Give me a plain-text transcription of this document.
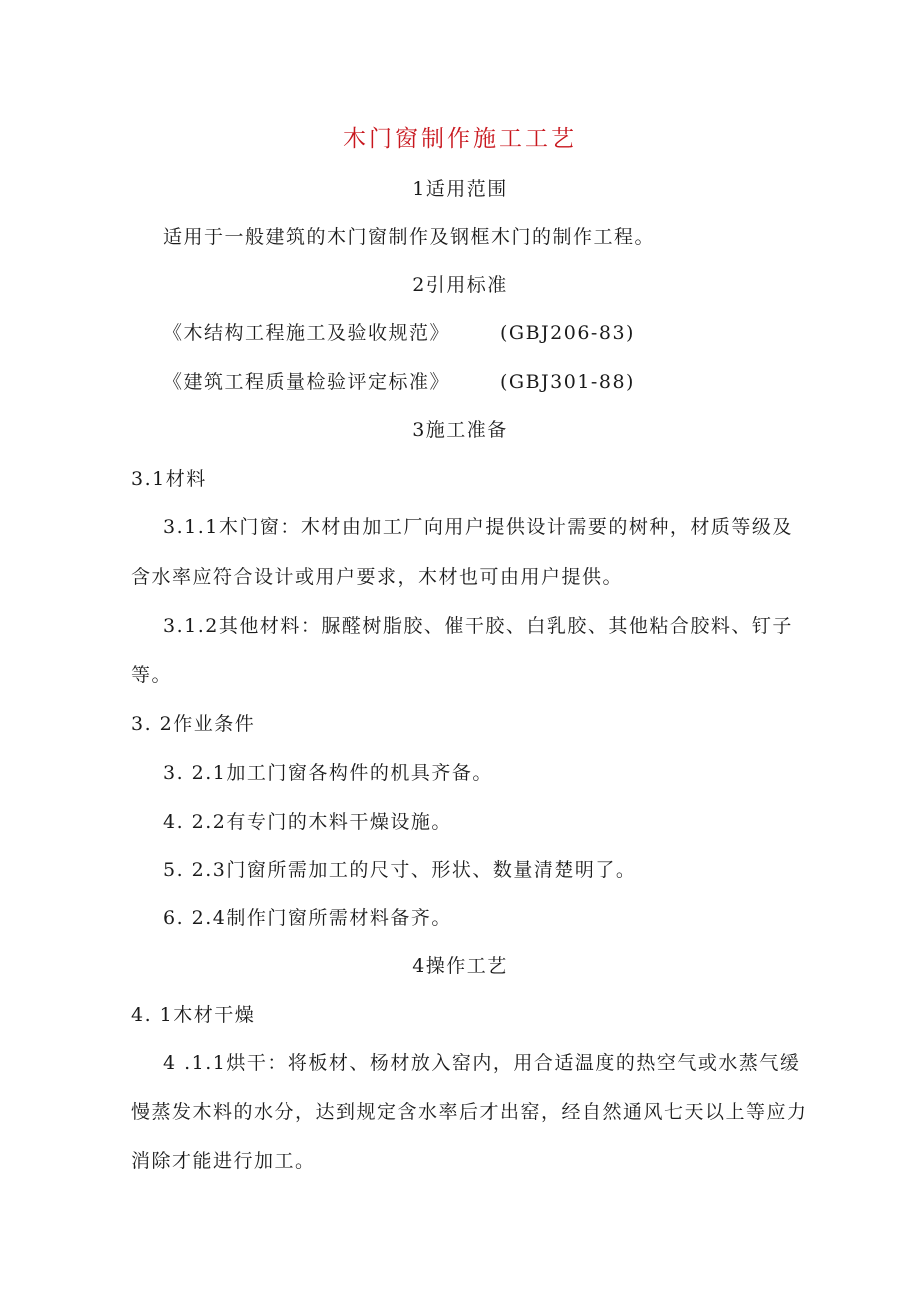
木门窗制作施工工艺
1适用范围
适用于一般建筑的木门窗制作及钢框木门的制作工程。
2引用标准
《木结构工程施工及验收规范》	(GBJ206-83)
《建筑工程质量检验评定标准》	(GBJ301-88)
3施工准备
3.1材料
3.1.1木门窗：木材由加工厂向用户提供设计需要的树种，材质等级及
含水率应符合设计或用户要求，木材也可由用户提供。
3.1.2其他材料：脲醛树脂胶、催干胶、白乳胶、其他粘合胶料、钉子
等。
3. 2作业条件
3. 2.1加工门窗各构件的机具齐备。
4. 2.2有专门的木料干燥设施。
5. 2.3门窗所需加工的尺寸、形状、数量清楚明了。
6. 2.4制作门窗所需材料备齐。
4操作工艺
4. 1木材干燥
4 .1.1烘干：将板材、杨材放入窑内，用合适温度的热空气或水蒸气缓
慢蒸发木料的水分，达到规定含水率后才出窑，经自然通风七天以上等应力
消除才能进行加工。
